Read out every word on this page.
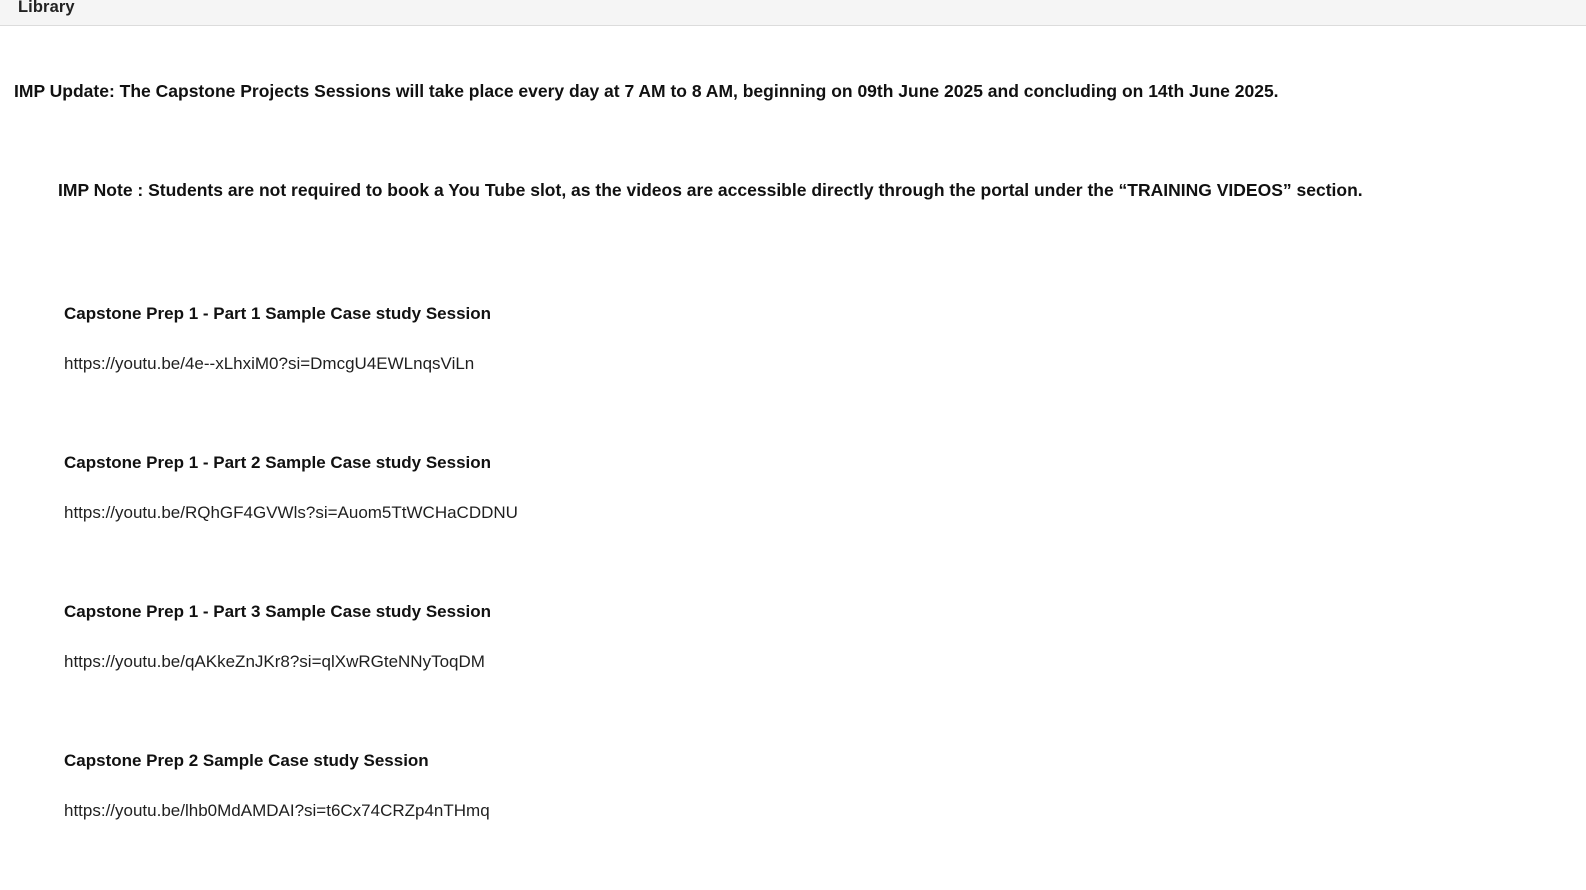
Library
IMP Update: The Capstone Projects Sessions will take place every day at 7 AM to 8 AM, beginning on 09th June 2025 and concluding on 14th June 2025.
IMP Note : Students are not required to book a You Tube slot, as the videos are accessible directly through the portal under the “TRAINING VIDEOS” section.
Capstone Prep 1 - Part 1 Sample Case study Session
https://youtu.be/4e--xLhxiM0?si=DmcgU4EWLnqsViLn
Capstone Prep 1 - Part 2 Sample Case study Session
https://youtu.be/RQhGF4GVWls?si=Auom5TtWCHaCDDNU
Capstone Prep 1 - Part 3 Sample Case study Session
https://youtu.be/qAKkeZnJKr8?si=qlXwRGteNNyToqDM
Capstone Prep 2 Sample Case study Session
https://youtu.be/lhb0MdAMDAI?si=t6Cx74CRZp4nTHmq
